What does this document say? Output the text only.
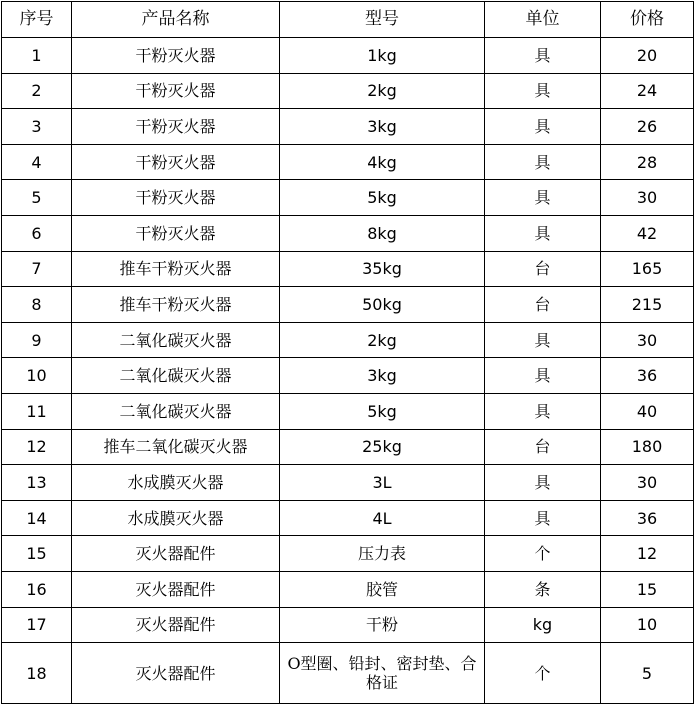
序号	产品名称	型号	单位	价格
1	干粉灭火器	1kg	具	20
2	干粉灭火器	2kg	具	24
3	干粉灭火器	3kg	具	26
4	干粉灭火器	4kg	具	28
5	干粉灭火器	5kg	具	30
6	干粉灭火器	8kg	具	42
7	推车干粉灭火器	35kg	台	165
8	推车干粉灭火器	50kg	台	215
9	二氧化碳灭火器	2kg	具	30
10	二氧化碳灭火器	3kg	具	36
11	二氧化碳灭火器	5kg	具	40
12	推车二氧化碳灭火器	25kg	台	180
13	水成膜灭火器	3L	具	30
14	水成膜灭火器	4L	具	36
15	灭火器配件	压力表	个	12
16	灭火器配件	胶管	条	15
17	灭火器配件	干粉	kg	10
18	灭火器配件	O型圈、铅封、密封垫、合格证	个	5
